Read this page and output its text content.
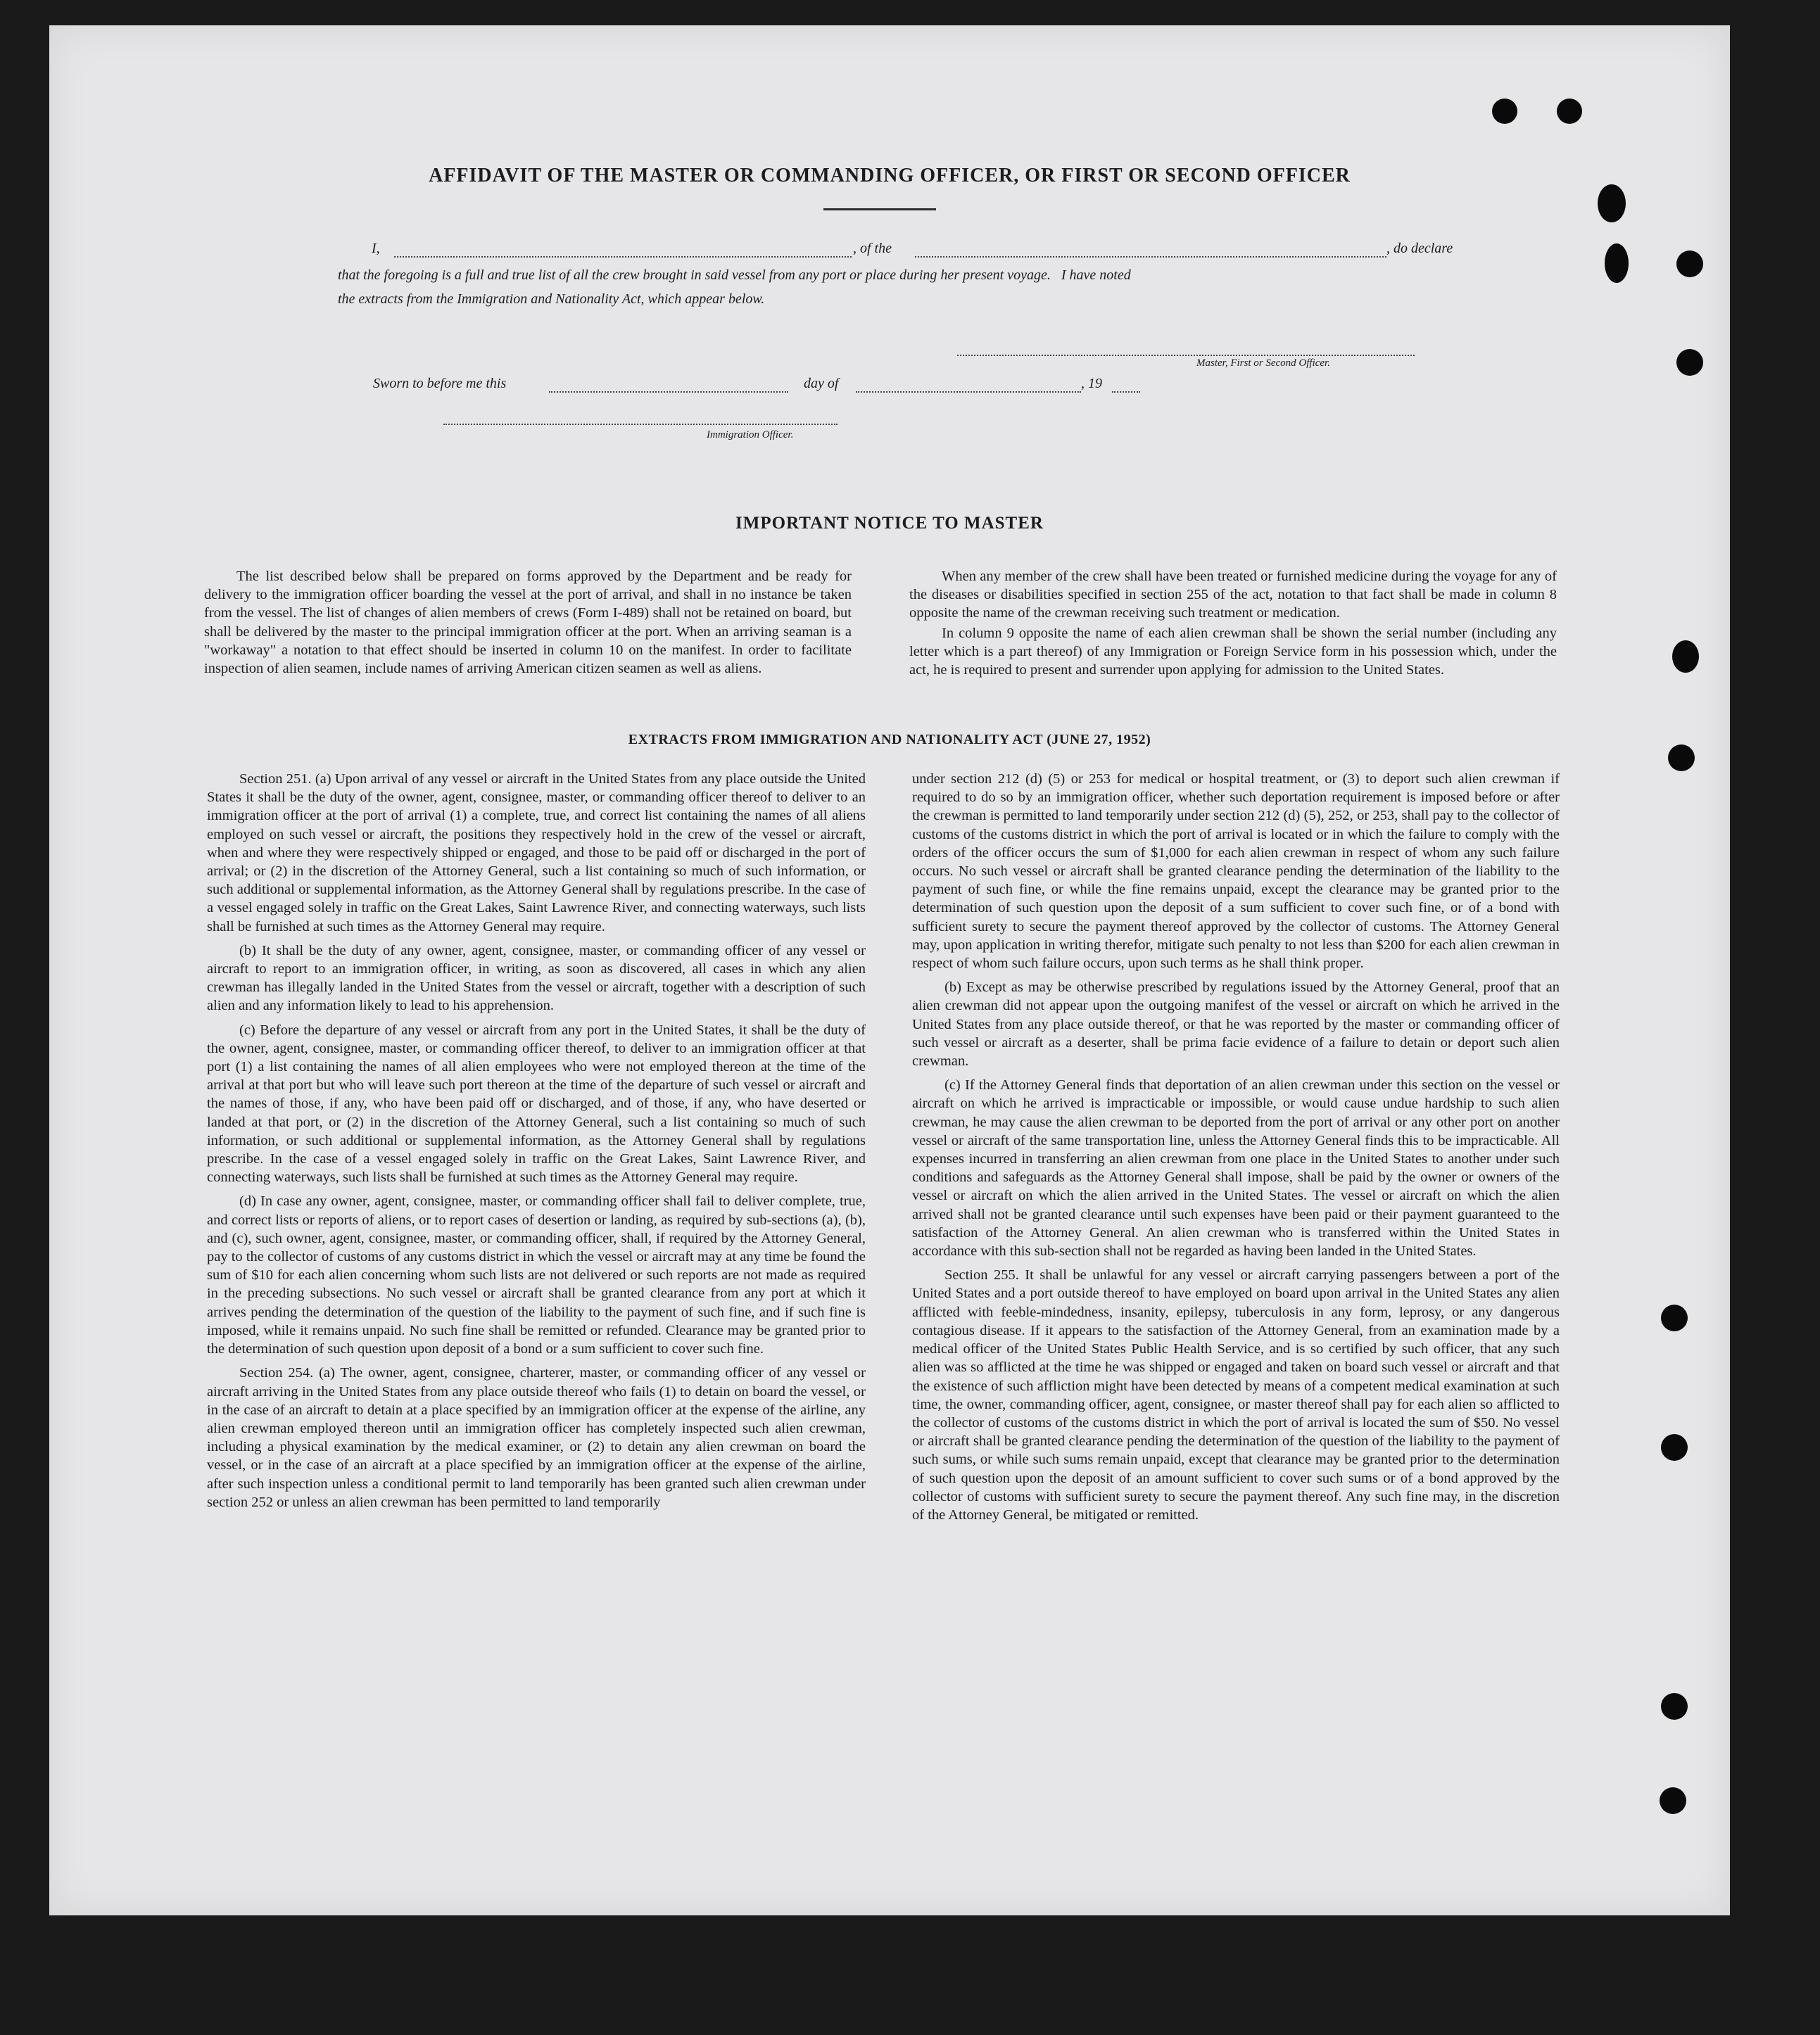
AFFIDAVIT OF THE MASTER OR COMMANDING OFFICER, OR FIRST OR SECOND OFFICER
I,	, of the	, do declare
that the foregoing is a full and true list of all the crew brought in said vessel from any port or place during her present voyage.   I have noted
the extracts from the Immigration and Nationality Act, which appear below.
Master, First or Second Officer.
Sworn to before me this	day of	, 19
Immigration Officer.
IMPORTANT NOTICE TO MASTER

The list described below shall be prepared on forms approved by the Department and be ready for delivery to the immigration officer boarding the vessel at the port of arrival, and shall in no instance be taken from the vessel. The list of changes of alien members of crews (Form I-489) shall not be retained on board, but shall be delivered by the master to the principal immigration officer at the port. When an arriving seaman is a "workaway" a notation to that effect should be inserted in column 10 on the manifest. In order to facilitate inspection of alien seamen, include names of arriving American citizen seamen as well as aliens.

When any member of the crew shall have been treated or furnished medicine during the voyage for any of the diseases or disabilities specified in section 255 of the act, notation to that fact shall be made in column 8 opposite the name of the crewman receiving such treatment or medication.

In column 9 opposite the name of each alien crewman shall be shown the serial number (including any letter which is a part thereof) of any Immigration or Foreign Service form in his possession which, under the act, he is required to present and surrender upon applying for admission to the United States.

EXTRACTS FROM IMMIGRATION AND NATIONALITY ACT (JUNE 27, 1952)

Section 251. (a) Upon arrival of any vessel or aircraft in the United States from any place outside the United States it shall be the duty of the owner, agent, consignee, master, or commanding officer thereof to deliver to an immigration officer at the port of arrival (1) a complete, true, and correct list containing the names of all aliens employed on such vessel or aircraft, the positions they respectively hold in the crew of the vessel or aircraft, when and where they were respectively shipped or engaged, and those to be paid off or discharged in the port of arrival; or (2) in the discretion of the Attorney General, such a list containing so much of such information, or such additional or supplemental information, as the Attorney General shall by regulations prescribe. In the case of a vessel engaged solely in traffic on the Great Lakes, Saint Lawrence River, and connecting waterways, such lists shall be furnished at such times as the Attorney General may require.

(b) It shall be the duty of any owner, agent, consignee, master, or commanding officer of any vessel or aircraft to report to an immigration officer, in writing, as soon as discovered, all cases in which any alien crewman has illegally landed in the United States from the vessel or aircraft, together with a description of such alien and any information likely to lead to his apprehension.

(c) Before the departure of any vessel or aircraft from any port in the United States, it shall be the duty of the owner, agent, consignee, master, or commanding officer thereof, to deliver to an immigration officer at that port (1) a list containing the names of all alien employees who were not employed thereon at the time of the arrival at that port but who will leave such port thereon at the time of the departure of such vessel or aircraft and the names of those, if any, who have been paid off or discharged, and of those, if any, who have deserted or landed at that port, or (2) in the discretion of the Attorney General, such a list containing so much of such information, or such additional or supplemental information, as the Attorney General shall by regulations prescribe. In the case of a vessel engaged solely in traffic on the Great Lakes, Saint Lawrence River, and connecting waterways, such lists shall be furnished at such times as the Attorney General may require.

(d) In case any owner, agent, consignee, master, or commanding officer shall fail to deliver complete, true, and correct lists or reports of aliens, or to report cases of desertion or landing, as required by sub-sections (a), (b), and (c), such owner, agent, consignee, master, or commanding officer, shall, if required by the Attorney General, pay to the collector of customs of any customs district in which the vessel or aircraft may at any time be found the sum of $10 for each alien concerning whom such lists are not delivered or such reports are not made as required in the preceding subsections. No such vessel or aircraft shall be granted clearance from any port at which it arrives pending the determination of the question of the liability to the payment of such fine, and if such fine is imposed, while it remains unpaid. No such fine shall be remitted or refunded. Clearance may be granted prior to the determination of such question upon deposit of a bond or a sum sufficient to cover such fine.

Section 254. (a) The owner, agent, consignee, charterer, master, or commanding officer of any vessel or aircraft arriving in the United States from any place outside thereof who fails (1) to detain on board the vessel, or in the case of an aircraft to detain at a place specified by an immigration officer at the expense of the airline, any alien crewman employed thereon until an immigration officer has completely inspected such alien crewman, including a physical examination by the medical examiner, or (2) to detain any alien crewman on board the vessel, or in the case of an aircraft at a place specified by an immigration officer at the expense of the airline, after such inspection unless a conditional permit to land temporarily has been granted such alien crewman under section 252 or unless an alien crewman has been permitted to land temporarily

under section 212 (d) (5) or 253 for medical or hospital treatment, or (3) to deport such alien crewman if required to do so by an immigration officer, whether such deportation requirement is imposed before or after the crewman is permitted to land temporarily under section 212 (d) (5), 252, or 253, shall pay to the collector of customs of the customs district in which the port of arrival is located or in which the failure to comply with the orders of the officer occurs the sum of $1,000 for each alien crewman in respect of whom any such failure occurs. No such vessel or aircraft shall be granted clearance pending the determination of the liability to the payment of such fine, or while the fine remains unpaid, except the clearance may be granted prior to the determination of such question upon the deposit of a sum sufficient to cover such fine, or of a bond with sufficient surety to secure the payment thereof approved by the collector of customs. The Attorney General may, upon application in writing therefor, mitigate such penalty to not less than $200 for each alien crewman in respect of whom such failure occurs, upon such terms as he shall think proper.

(b) Except as may be otherwise prescribed by regulations issued by the Attorney General, proof that an alien crewman did not appear upon the outgoing manifest of the vessel or aircraft on which he arrived in the United States from any place outside thereof, or that he was reported by the master or commanding officer of such vessel or aircraft as a deserter, shall be prima facie evidence of a failure to detain or deport such alien crewman.

(c) If the Attorney General finds that deportation of an alien crewman under this section on the vessel or aircraft on which he arrived is impracticable or impossible, or would cause undue hardship to such alien crewman, he may cause the alien crewman to be deported from the port of arrival or any other port on another vessel or aircraft of the same transportation line, unless the Attorney General finds this to be impracticable. All expenses incurred in transferring an alien crewman from one place in the United States to another under such conditions and safeguards as the Attorney General shall impose, shall be paid by the owner or owners of the vessel or aircraft on which the alien arrived in the United States. The vessel or aircraft on which the alien arrived shall not be granted clearance until such expenses have been paid or their payment guaranteed to the satisfaction of the Attorney General. An alien crewman who is transferred within the United States in accordance with this sub-section shall not be regarded as having been landed in the United States.

Section 255. It shall be unlawful for any vessel or aircraft carrying passengers between a port of the United States and a port outside thereof to have employed on board upon arrival in the United States any alien afflicted with feeble-mindedness, insanity, epilepsy, tuberculosis in any form, leprosy, or any dangerous contagious disease. If it appears to the satisfaction of the Attorney General, from an examination made by a medical officer of the United States Public Health Service, and is so certified by such officer, that any such alien was so afflicted at the time he was shipped or engaged and taken on board such vessel or aircraft and that the existence of such affliction might have been detected by means of a competent medical examination at such time, the owner, commanding officer, agent, consignee, or master thereof shall pay for each alien so afflicted to the collector of customs of the customs district in which the port of arrival is located the sum of $50. No vessel or aircraft shall be granted clearance pending the determination of the question of the liability to the payment of such sums, or while such sums remain unpaid, except that clearance may be granted prior to the determination of such question upon the deposit of an amount sufficient to cover such sums or of a bond approved by the collector of customs with sufficient surety to secure the payment thereof. Any such fine may, in the discretion of the Attorney General, be mitigated or remitted.
